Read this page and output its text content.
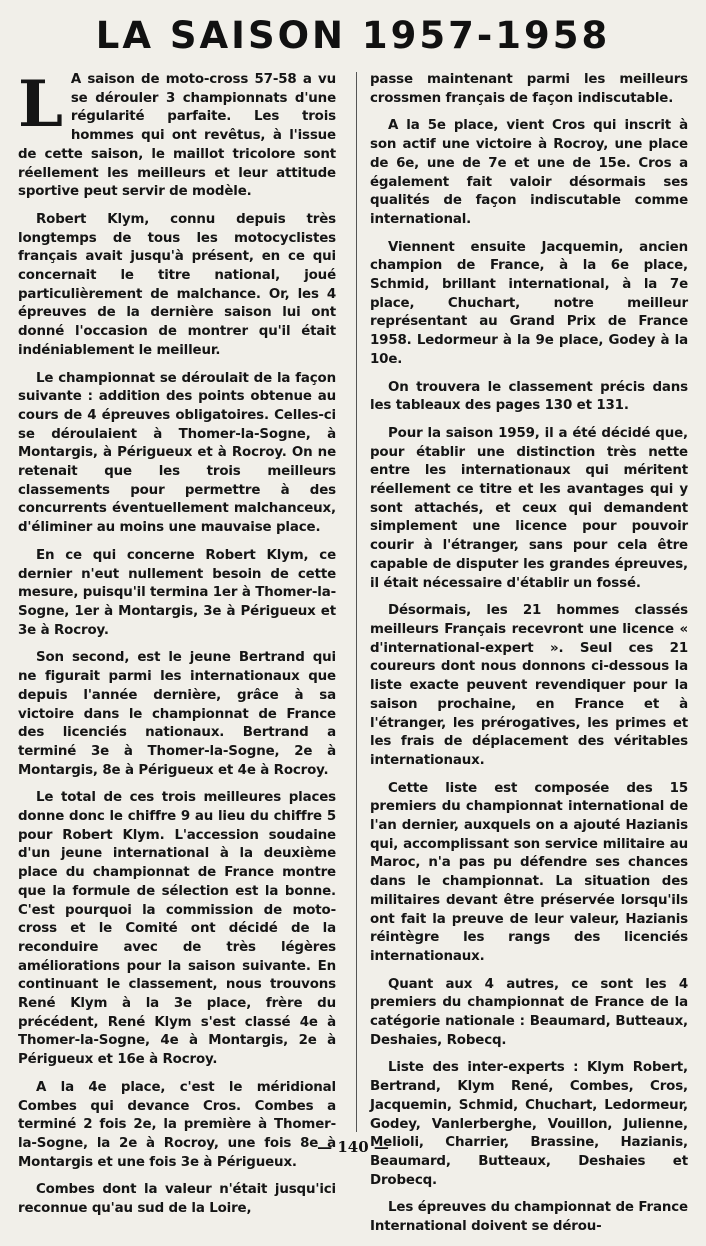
LA SAISON 1957-1958

L A saison de moto-cross 57-58 a vu se dérouler 3 championnats d'une régularité parfaite. Les trois hommes qui ont revêtus, à l'issue de cette saison, le maillot tricolore sont réellement les meilleurs et leur attitude sportive peut servir de modèle.

Robert Klym, connu depuis très longtemps de tous les motocyclistes français avait jusqu'à présent, en ce qui concernait le titre national, joué particulièrement de malchance. Or, les 4 épreuves de la dernière saison lui ont donné l'occasion de montrer qu'il était indéniablement le meilleur.

Le championnat se déroulait de la façon suivante : addition des points obtenue au cours de 4 épreuves obligatoires. Celles-ci se déroulaient à Thomer-la-Sogne, à Montargis, à Périgueux et à Rocroy. On ne retenait que les trois meilleurs classements pour permettre à des concurrents éventuellement malchanceux, d'éliminer au moins une mauvaise place.

En ce qui concerne Robert Klym, ce dernier n'eut nullement besoin de cette mesure, puisqu'il termina 1er à Thomer-la-Sogne, 1er à Montargis, 3e à Périgueux et 3e à Rocroy.

Son second, est le jeune Bertrand qui ne figurait parmi les internationaux que depuis l'année dernière, grâce à sa victoire dans le championnat de France des licenciés nationaux. Bertrand a terminé 3e à Thomer-la-Sogne, 2e à Montargis, 8e à Périgueux et 4e à Rocroy.

Le total de ces trois meilleures places donne donc le chiffre 9 au lieu du chiffre 5 pour Robert Klym. L'accession soudaine d'un jeune international à la deuxième place du championnat de France montre que la formule de sélection est la bonne. C'est pourquoi la commission de moto-cross et le Comité ont décidé de la reconduire avec de très légères améliorations pour la saison suivante. En continuant le classement, nous trouvons René Klym à la 3e place, frère du précédent, René Klym s'est classé 4e à Thomer-la-Sogne, 4e à Montargis, 2e à Périgueux et 16e à Rocroy.

A la 4e place, c'est le méridional Combes qui devance Cros. Combes a terminé 2 fois 2e, la première à Thomer-la-Sogne, la 2e à Rocroy, une fois 8e à Montargis et une fois 3e à Périgueux.

Combes dont la valeur n'était jusqu'ici reconnue qu'au sud de la Loire,

passe maintenant parmi les meilleurs crossmen français de façon indiscutable.

A la 5e place, vient Cros qui inscrit à son actif une victoire à Rocroy, une place de 6e, une de 7e et une de 15e. Cros a également fait valoir désormais ses qualités de façon indiscutable comme international.

Viennent ensuite Jacquemin, ancien champion de France, à la 6e place, Schmid, brillant international, à la 7e place, Chuchart, notre meilleur représentant au Grand Prix de France 1958. Ledormeur à la 9e place, Godey à la 10e.

On trouvera le classement précis dans les tableaux des pages 130 et 131.

Pour la saison 1959, il a été décidé que, pour établir une distinction très nette entre les internationaux qui méritent réellement ce titre et les avantages qui y sont attachés, et ceux qui demandent simplement une licence pour pouvoir courir à l'étranger, sans pour cela être capable de disputer les grandes épreuves, il était nécessaire d'établir un fossé.

Désormais, les 21 hommes classés meilleurs Français recevront une licence « d'international-expert ». Seul ces 21 coureurs dont nous donnons ci-dessous la liste exacte peuvent revendiquer pour la saison prochaine, en France et à l'étranger, les prérogatives, les primes et les frais de déplacement des véritables internationaux.

Cette liste est composée des 15 premiers du championnat international de l'an dernier, auxquels on a ajouté Hazianis qui, accomplissant son service militaire au Maroc, n'a pas pu défendre ses chances dans le championnat. La situation des militaires devant être préservée lorsqu'ils ont fait la preuve de leur valeur, Hazianis réintègre les rangs des licenciés internationaux.

Quant aux 4 autres, ce sont les 4 premiers du championnat de France de la catégorie nationale : Beaumard, Butteaux, Deshaies, Robecq.

Liste des inter-experts : Klym Robert, Bertrand, Klym René, Combes, Cros, Jacquemin, Schmid, Chuchart, Ledormeur, Godey, Vanlerberghe, Vouillon, Julienne, Melioli, Charrier, Brassine, Hazianis, Beaumard, Butteaux, Deshaies et Drobecq.

Les épreuves du championnat de France International doivent se dérou-

— 140 —
